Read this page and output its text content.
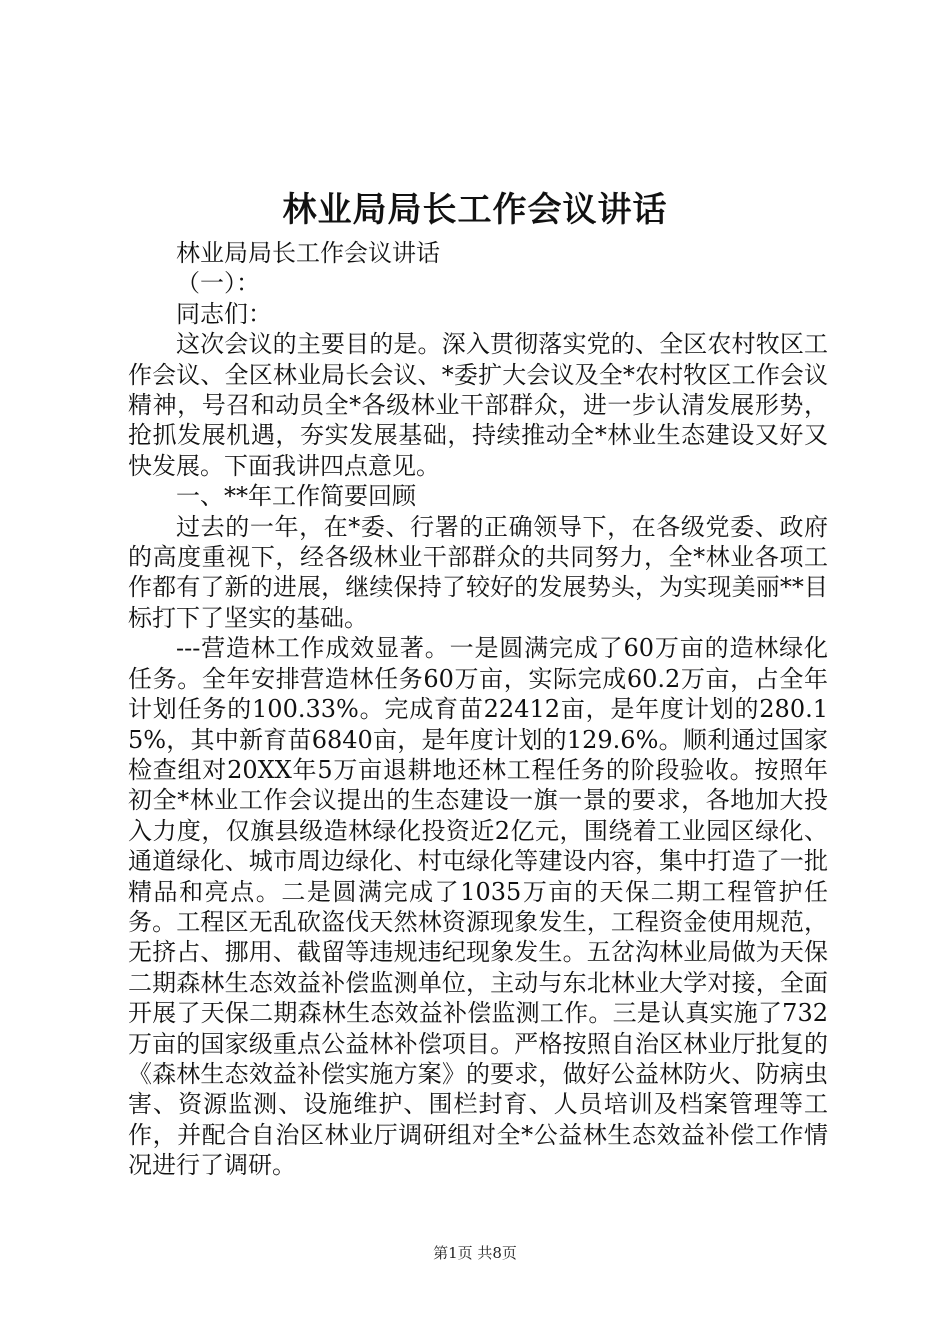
林业局局长工作会议讲话

林业局局长工作会议讲话

（一）：

同志们：

这次会议的主要目的是。深入贯彻落实党的、全区农村牧区工作会议、全区林业局长会议、*委扩大会议及全*农村牧区工作会议精神，号召和动员全*各级林业干部群众，进一步认清发展形势，抢抓发展机遇，夯实发展基础，持续推动全*林业生态建设又好又快发展。下面我讲四点意见。

一、**年工作简要回顾

过去的一年，在*委、行署的正确领导下，在各级党委、政府的高度重视下，经各级林业干部群众的共同努力，全*林业各项工作都有了新的进展，继续保持了较好的发展势头，为实现美丽**目标打下了坚实的基础。

---营造林工作成效显著。一是圆满完成了60万亩的造林绿化任务。全年安排营造林任务60万亩，实际完成60.2万亩，占全年计划任务的100.33%。完成育苗22412亩，是年度计划的280.15%，其中新育苗6840亩，是年度计划的129.6%。顺利通过国家检查组对20XX年5万亩退耕地还林工程任务的阶段验收。按照年初全*林业工作会议提出的生态建设一旗一景的要求，各地加大投入力度，仅旗县级造林绿化投资近2亿元，围绕着工业园区绿化、通道绿化、城市周边绿化、村屯绿化等建设内容，集中打造了一批精品和亮点。二是圆满完成了1035万亩的天保二期工程管护任务。工程区无乱砍盗伐天然林资源现象发生，工程资金使用规范，无挤占、挪用、截留等违规违纪现象发生。五岔沟林业局做为天保二期森林生态效益补偿监测单位，主动与东北林业大学对接，全面开展了天保二期森林生态效益补偿监测工作。三是认真实施了732万亩的国家级重点公益林补偿项目。严格按照自治区林业厅批复的《森林生态效益补偿实施方案》的要求，做好公益林防火、防病虫害、资源监测、设施维护、围栏封育、人员培训及档案管理等工作，并配合自治区林业厅调研组对全*公益林生态效益补偿工作情况进行了调研。

第1页 共8页
